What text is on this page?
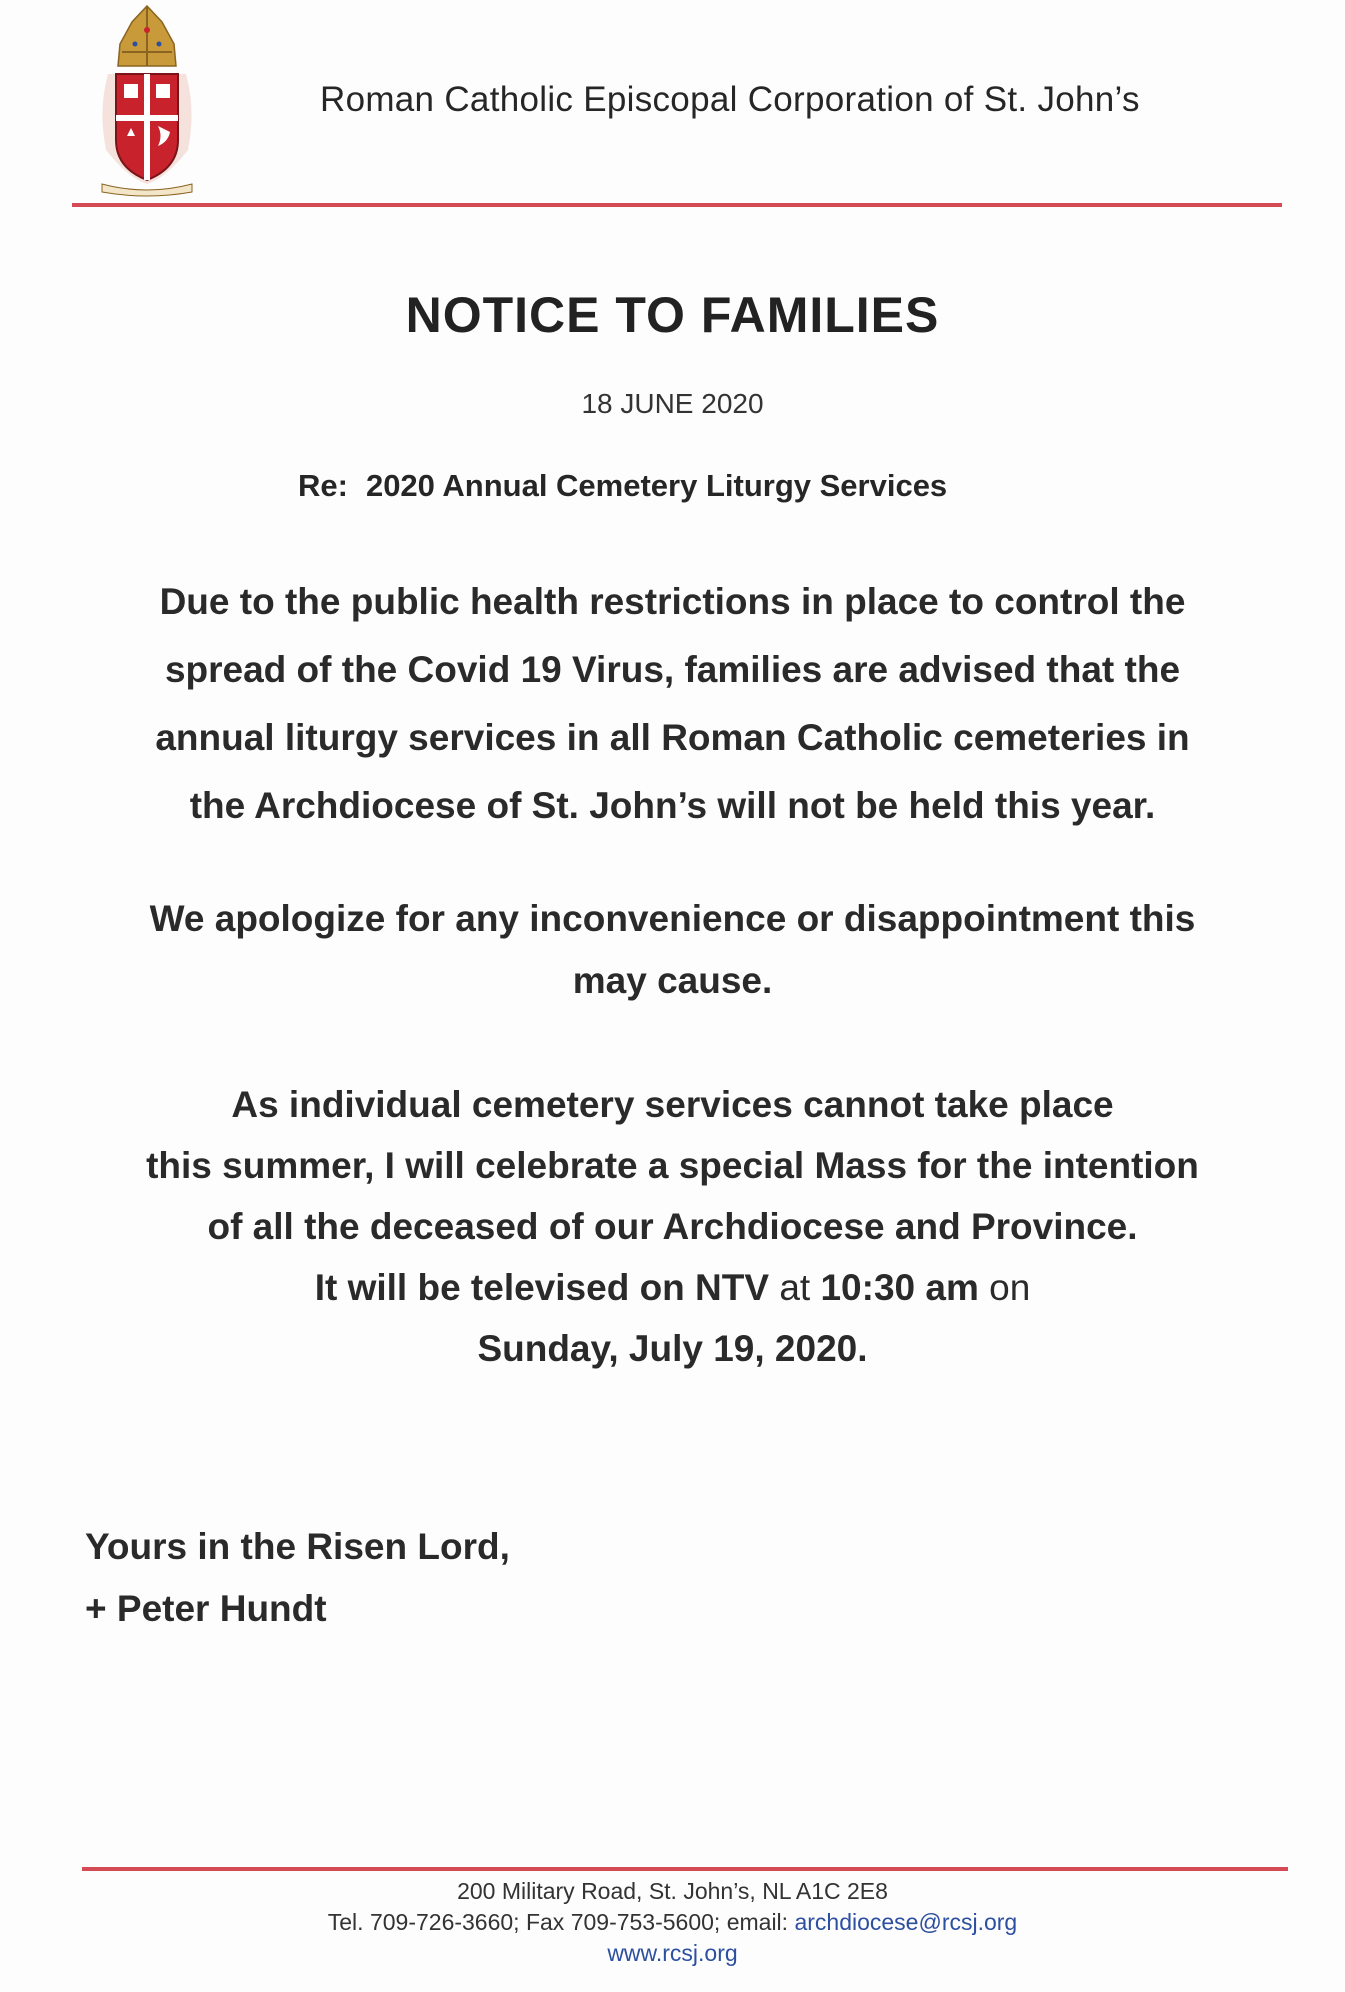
Roman Catholic Episcopal Corporation of St. John’s
NOTICE TO FAMILIES
18 JUNE 2020
Re: 2020 Annual Cemetery Liturgy Services
Due to the public health restrictions in place to control the
spread of the Covid 19 Virus, families are advised that the
annual liturgy services in all Roman Catholic cemeteries in
the Archdiocese of St. John’s will not be held this year.
We apologize for any inconvenience or disappointment this
may cause.
As individual cemetery services cannot take place
this summer, I will celebrate a special Mass for the intention
of all the deceased of our Archdiocese and Province.
It will be televised on NTV at 10:30 am on
Sunday, July 19, 2020.
Yours in the Risen Lord,
+ Peter Hundt
200 Military Road, St. John’s, NL A1C 2E8
Tel. 709-726-3660; Fax 709-753-5600; email: archdiocese@rcsj.org
www.rcsj.org
